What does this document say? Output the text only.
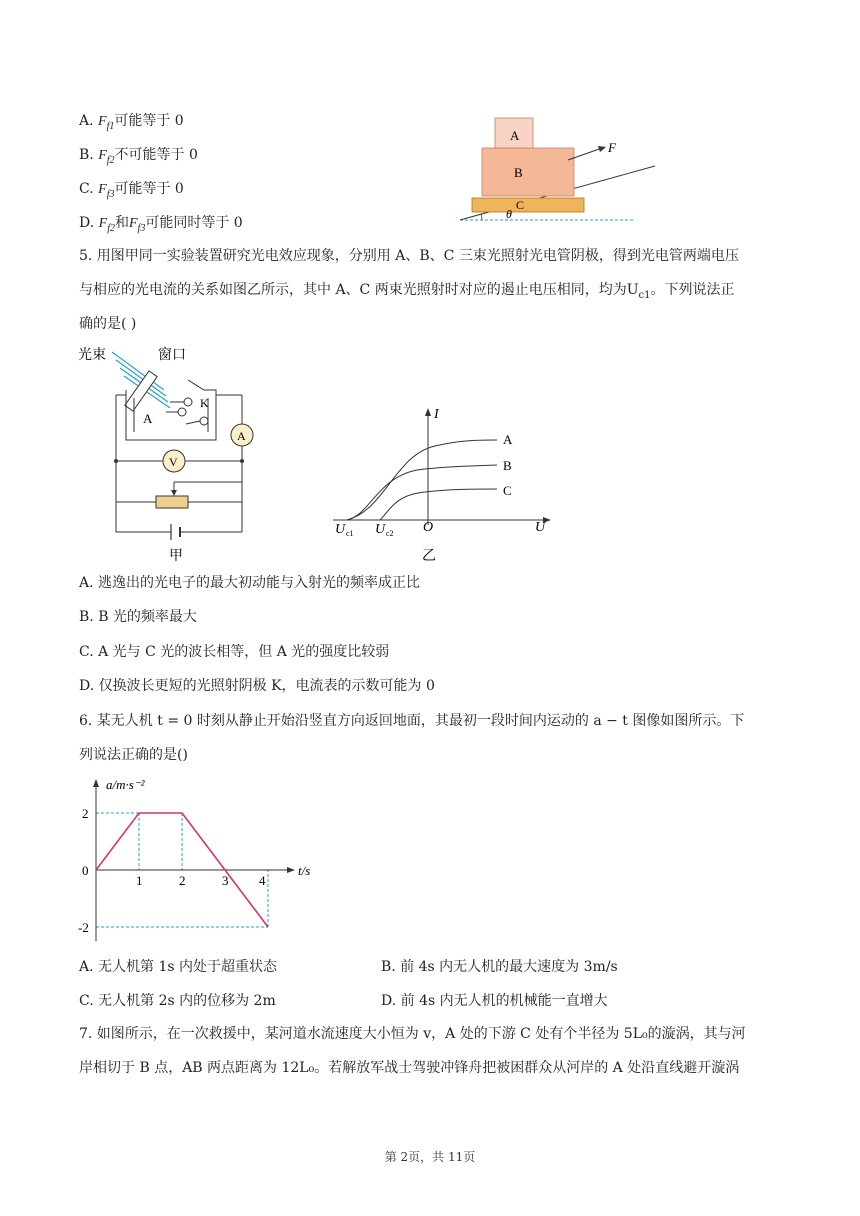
A. $F_{f1}$可能等于 0
B. $F_{f2}$不可能等于 0
C. $F_{f3}$可能等于 0
D. $F_{f2}$和$F_{f3}$可能同时等于 0
A
B
C
F
θ
5. 用图甲同一实验装置研究光电效应现象，分别用 A、B、C 三束光照射光电管阴极，得到光电管两端电压
与相应的光电流的关系如图乙所示，其中 A、C 两束光照射时对应的遏止电压相同，均为$U_{c1}$。下列说法正
确的是( )
光束	窗口
A
K
A
V
甲
I
U
O
A
B
C
U c1 U c2
乙
A. 逃逸出的光电子的最大初动能与入射光的频率成正比
B. B 光的频率最大
C. A 光与 C 光的波长相等，但 A 光的强度比较弱
D. 仅换波长更短的光照射阴极 K，电流表的示数可能为 0
6. 某无人机 t = 0 时刻从静止开始沿竖直方向返回地面，其最初一段时间内运动的 a − t 图像如图所示。下
列说法正确的是()
1	2	3 4
2
0
-2
a/m·s⁻²
t/s
A. 无人机第 1s 内处于超重状态	B. 前 4s 内无人机的最大速度为 3m/s
C. 无人机第 2s 内的位移为 2m	D. 前 4s 内无人机的机械能一直增大
7. 如图所示，在一次救援中，某河道水流速度大小恒为 v，A 处的下游 C 处有个半径为 5L₀的漩涡，其与河
岸相切于 B 点，AB 两点距离为 12L₀。若解放军战士驾驶冲锋舟把被困群众从河岸的 A 处沿直线避开漩涡
第 2页，共 11页
